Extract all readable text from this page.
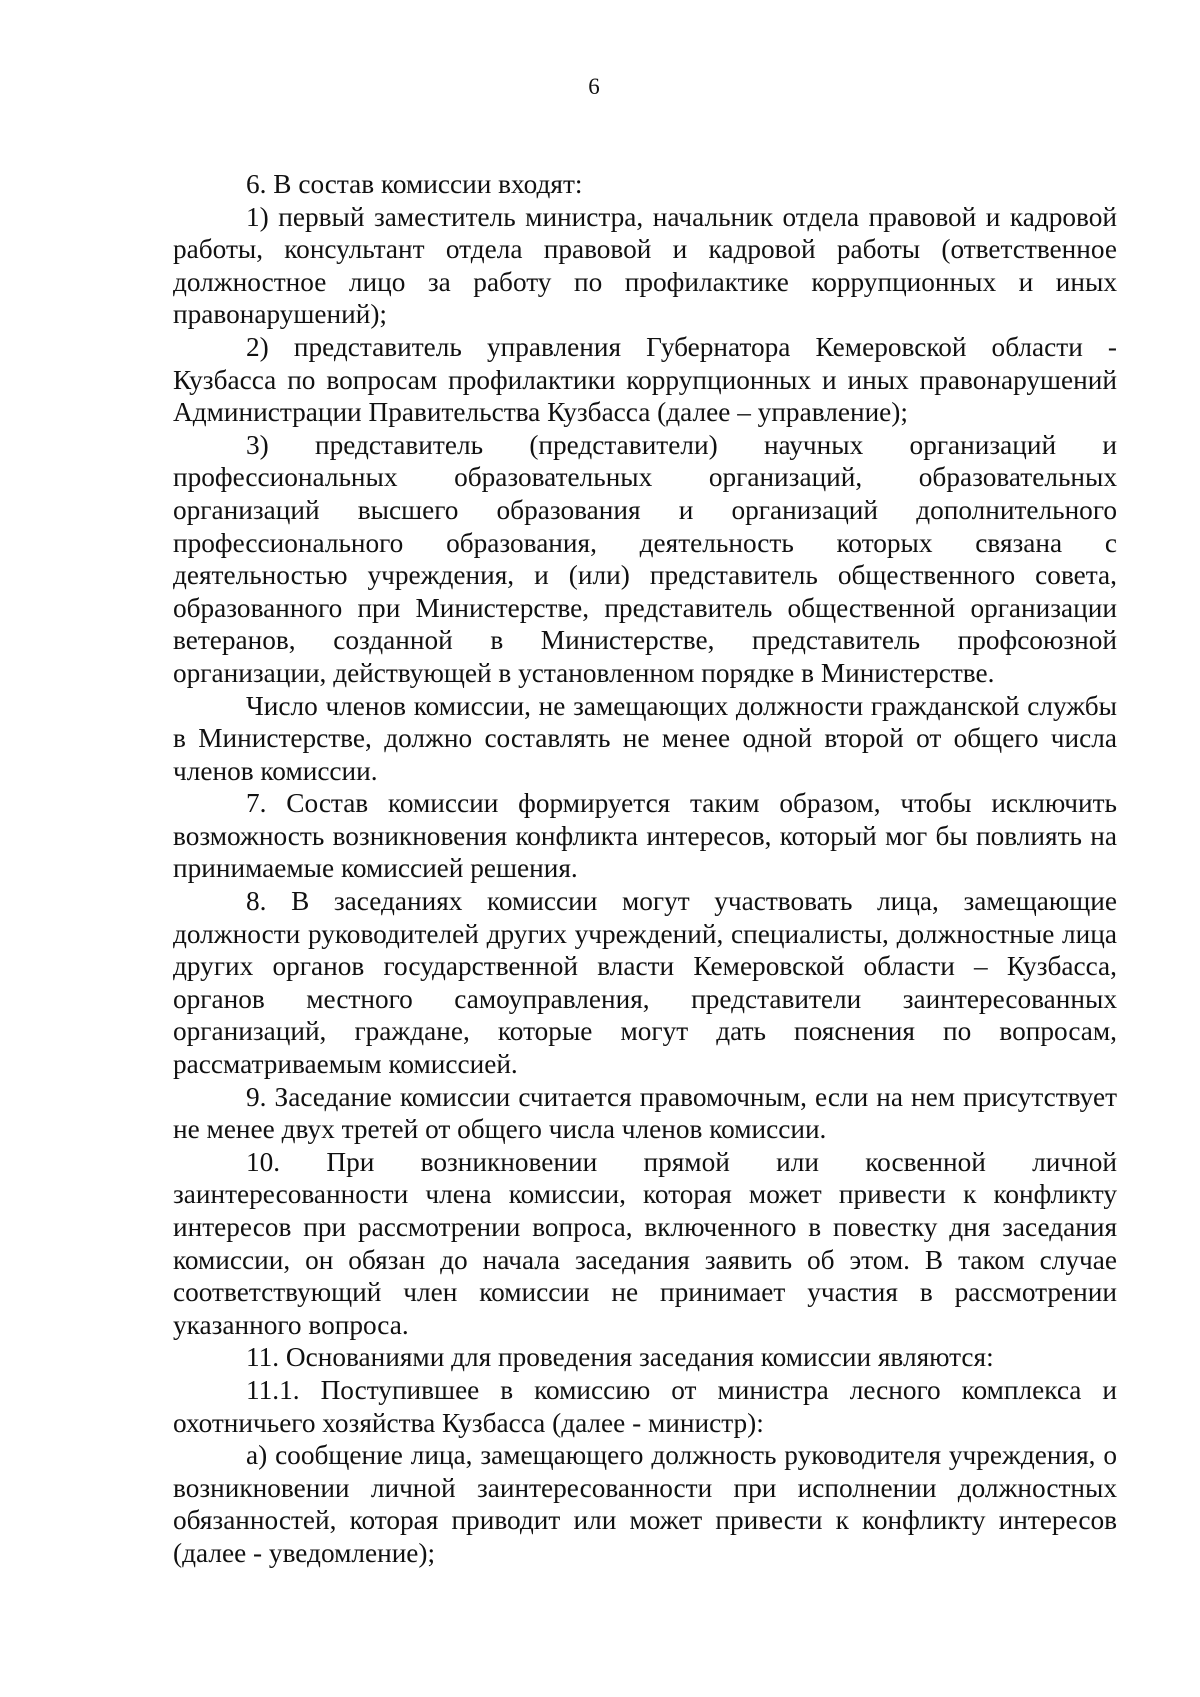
6

6. В состав комиссии входят:

1) первый заместитель министра, начальник отдела правовой и кадровой работы, консультант отдела правовой и кадровой работы (ответственное должностное лицо за работу по профилактике коррупционных и иных правонарушений);

2) представитель управления Губернатора Кемеровской области - Кузбасса по вопросам профилактики коррупционных и иных правонарушений Администрации Правительства Кузбасса (далее – управление);

3) представитель (представители) научных организаций и профессиональных образовательных организаций, образовательных организаций высшего образования и организаций дополнительного профессионального образования, деятельность которых связана с деятельностью учреждения, и (или) представитель общественного совета, образованного при Министерстве, представитель общественной организации ветеранов, созданной в Министерстве, представитель профсоюзной организации, действующей в установленном порядке в Министерстве.

Число членов комиссии, не замещающих должности гражданской службы в Министерстве, должно составлять не менее одной второй от общего числа членов комиссии.

7. Состав комиссии формируется таким образом, чтобы исключить возможность возникновения конфликта интересов, который мог бы повлиять на принимаемые комиссией решения.

8. В заседаниях комиссии могут участвовать лица, замещающие должности руководителей других учреждений, специалисты, должностные лица других органов государственной власти Кемеровской области – Кузбасса, органов местного самоуправления, представители заинтересованных организаций, граждане, которые могут дать пояснения по вопросам, рассматриваемым комиссией.

9. Заседание комиссии считается правомочным, если на нем присутствует не менее двух третей от общего числа членов комиссии.

10. При возникновении прямой или косвенной личной заинтересованности члена комиссии, которая может привести к конфликту интересов при рассмотрении вопроса, включенного в повестку дня заседания комиссии, он обязан до начала заседания заявить об этом. В таком случае соответствующий член комиссии не принимает участия в рассмотрении указанного вопроса.

11. Основаниями для проведения заседания комиссии являются:

11.1. Поступившее в комиссию от министра лесного комплекса и охотничьего хозяйства Кузбасса (далее - министр):

а) сообщение лица, замещающего должность руководителя учреждения, о возникновении личной заинтересованности при исполнении должностных обязанностей, которая приводит или может привести к конфликту интересов (далее - уведомление);
